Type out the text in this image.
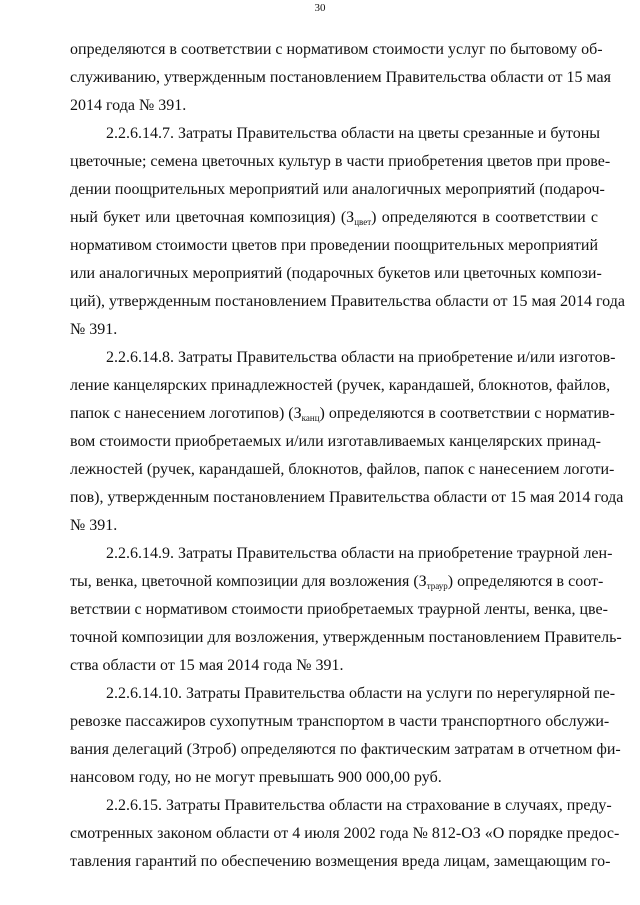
30
определяются в соответствии с нормативом стоимости услуг по бытовому об-
служиванию, утвержденным постановлением Правительства области от 15 мая
2014 года № 391.
2.2.6.14.7. Затраты Правительства области на цветы срезанные и бутоны
цветочные; семена цветочных культур в части приобретения цветов при прове-
дении поощрительных мероприятий или аналогичных мероприятий (подароч-
ный букет или цветочная композиция) $(З_{цвет})$ определяются в соответствии с
нормативом стоимости цветов при проведении поощрительных мероприятий
или аналогичных мероприятий (подарочных букетов или цветочных компози-
ций), утвержденным постановлением Правительства области от 15 мая 2014 года
№ 391.
2.2.6.14.8. Затраты Правительства области на приобретение и/или изготов-
ление канцелярских принадлежностей (ручек, карандашей, блокнотов, файлов,
папок с нанесением логотипов) $(З_{канц})$ определяются в соответствии с норматив-
вом стоимости приобретаемых и/или изготавливаемых канцелярских принад-
лежностей (ручек, карандашей, блокнотов, файлов, папок с нанесением логоти-
пов), утвержденным постановлением Правительства области от 15 мая 2014 года
№ 391.
2.2.6.14.9. Затраты Правительства области на приобретение траурной лен-
ты, венка, цветочной композиции для возложения $(З_{траур})$ определяются в соот-
ветствии с нормативом стоимости приобретаемых траурной ленты, венка, цве-
точной композиции для возложения, утвержденным постановлением Правитель-
ства области от 15 мая 2014 года № 391.
2.2.6.14.10. Затраты Правительства области на услуги по нерегулярной пе-
ревозке пассажиров сухопутным транспортом в части транспортного обслужи-
вания делегаций (Зтроб) определяются по фактическим затратам в отчетном фи-
нансовом году, но не могут превышать 900 000,00 руб.
2.2.6.15. Затраты Правительства области на страхование в случаях, преду-
смотренных законом области от 4 июля 2002 года № 812-ОЗ «О порядке предос-
тавления гарантий по обеспечению возмещения вреда лицам, замещающим го-
